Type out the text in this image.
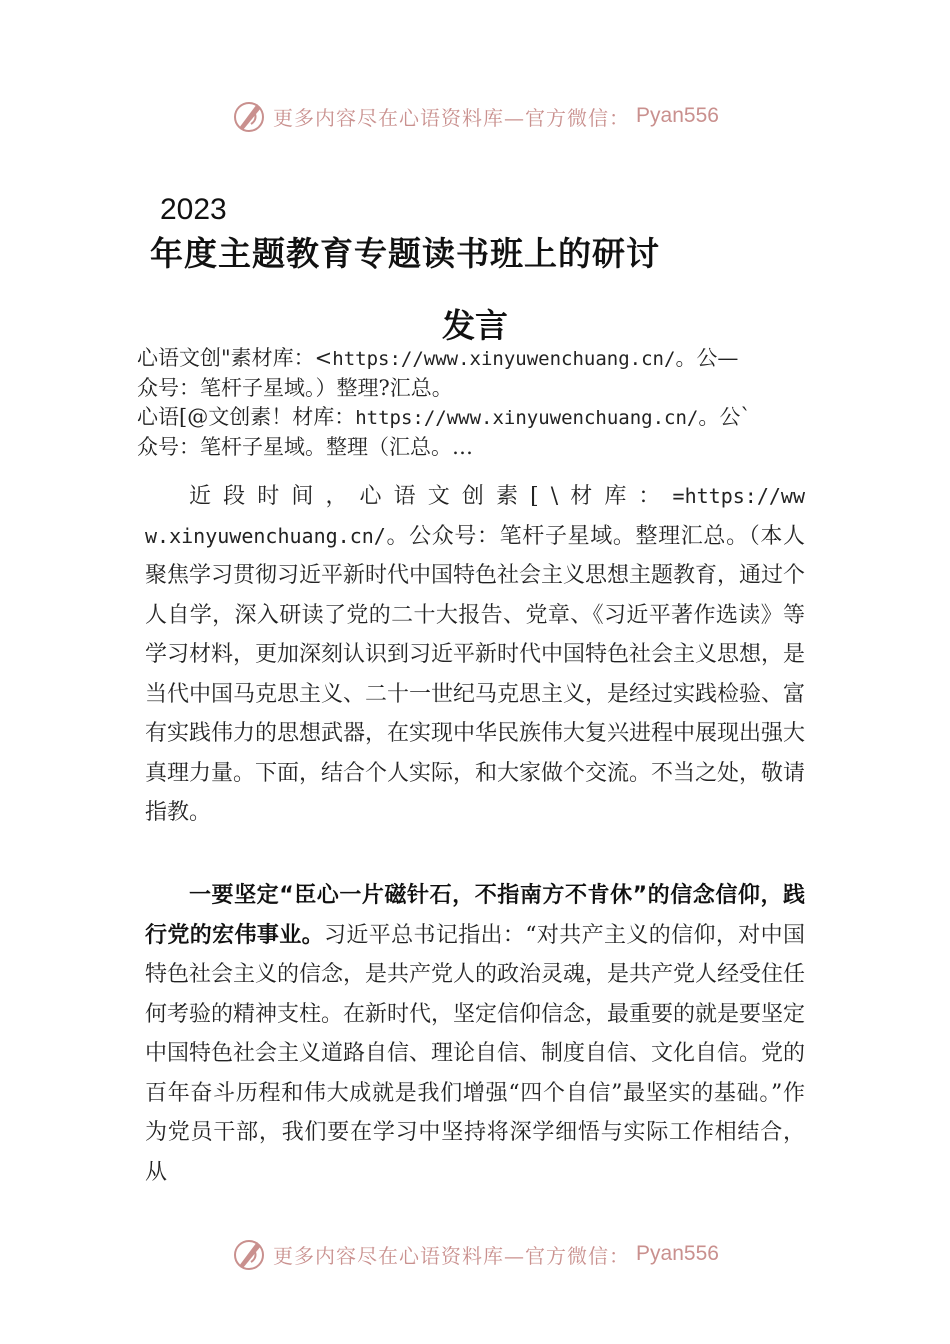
更多内容尽在心语资料库—官方微信： Pyan556
2023
年度主题教育专题读书班上的研讨
发言
心语文创"素材库：<https://www.xinyuwenchuang.cn/。公—
众号：笔杆子星域。）整理?汇总。
心语[@文创素！材库：https://www.xinyuwenchuang.cn/。公`
众号：笔杆子星域。整理（汇总。…
近段时间，心语文创素[\材库：=https://www.xinyuwenchuang.cn/。公众号：笔杆子星域。整理汇总。（本人聚焦学习贯彻习近平新时代中国特色社会主义思想主题教育，通过个人自学，深入研读了党的二十大报告、党章、《习近平著作选读》等学习材料，更加深刻认识到习近平新时代中国特色社会主义思想，是当代中国马克思主义、二十一世纪马克思主义，是经过实践检验、富有实践伟力的思想武器，在实现中华民族伟大复兴进程中展现出强大真理力量。下面，结合个人实际，和大家做个交流。不当之处，敬请指教。
一要坚定“臣心一片磁针石，不指南方不肯休”的信念信仰，践行党的宏伟事业。习近平总书记指出：“对共产主义的信仰，对中国特色社会主义的信念，是共产党人的政治灵魂，是共产党人经受住任何考验的精神支柱。在新时代，坚定信仰信念，最重要的就是要坚定中国特色社会主义道路自信、理论自信、制度自信、文化自信。党的百年奋斗历程和伟大成就是我们增强“四个自信”最坚实的基础。”作为党员干部，我们要在学习中坚持将深学细悟与实际工作相结合， 从
更多内容尽在心语资料库—官方微信： Pyan556
